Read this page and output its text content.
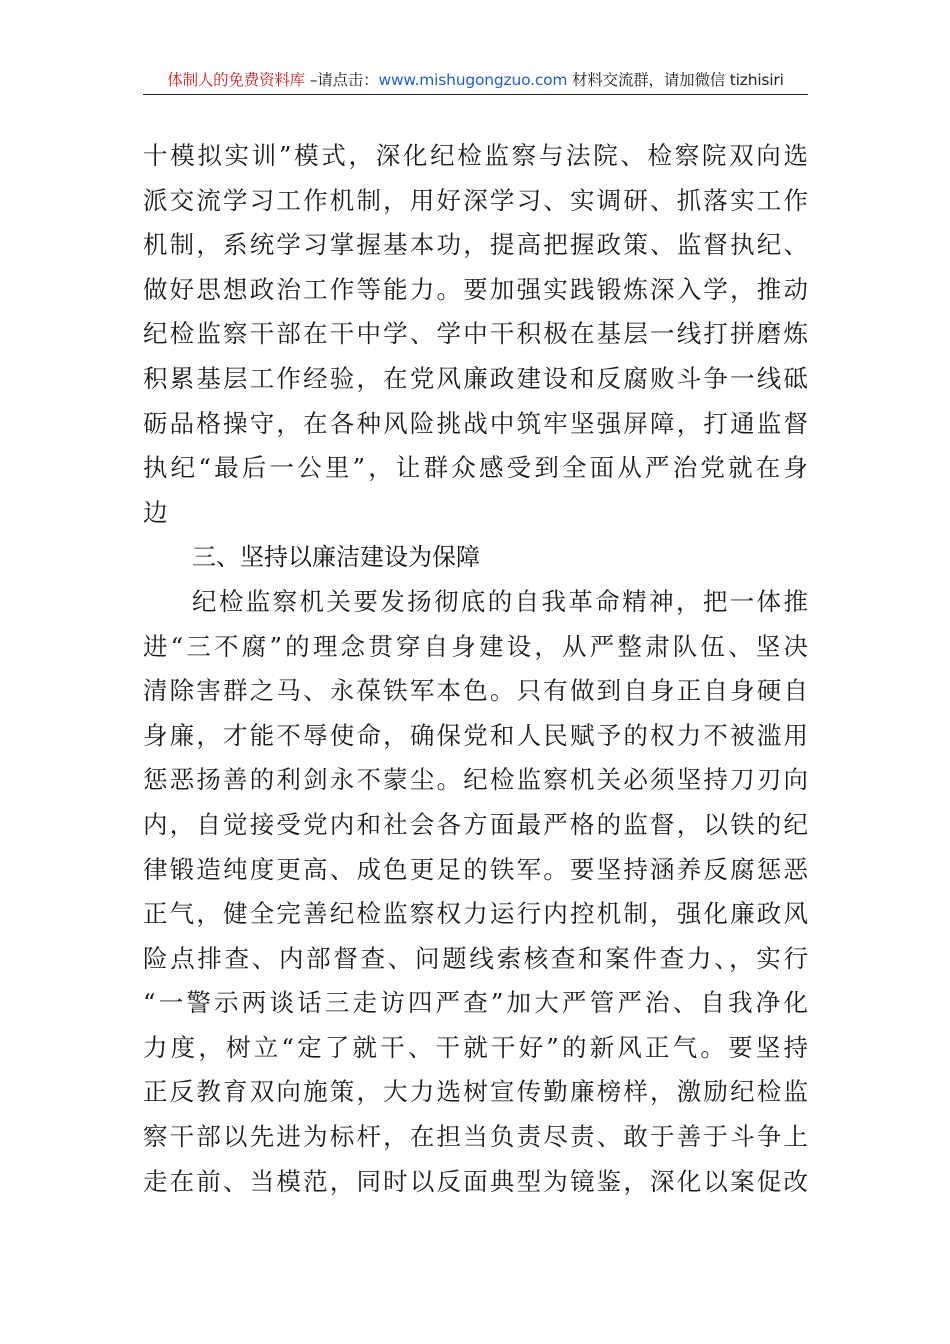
体制人的免费资料库 –请点击：www.mishugongzuo.com 材料交流群，请加微信 tizhisiri
十模拟实训”模式，深化纪检监察与法院、检察院双向选
派交流学习工作机制，用好深学习、实调研、抓落实工作
机制，系统学习掌握基本功，提高把握政策、监督执纪、
做好思想政治工作等能力。要加强实践锻炼深入学，推动
纪检监察干部在干中学、学中干积极在基层一线打拼磨炼
积累基层工作经验，在党风廉政建设和反腐败斗争一线砥
砺品格操守，在各种风险挑战中筑牢坚强屏障，打通监督
执纪“最后一公里”，让群众感受到全面从严治党就在身
边
三、坚持以廉洁建设为保障
纪检监察机关要发扬彻底的自我革命精神，把一体推
进“三不腐”的理念贯穿自身建设，从严整肃队伍、坚决
清除害群之马、永葆铁军本色。只有做到自身正自身硬自
身廉，才能不辱使命，确保党和人民赋予的权力不被滥用
惩恶扬善的利剑永不蒙尘。纪检监察机关必须坚持刀刃向
内，自觉接受党内和社会各方面最严格的监督，以铁的纪
律锻造纯度更高、成色更足的铁军。要坚持涵养反腐惩恶
正气，健全完善纪检监察权力运行内控机制，强化廉政风
险点排查、内部督查、问题线索核查和案件查力、，实行
“一警示两谈话三走访四严查”加大严管严治、自我净化
力度，树立“定了就干、干就干好”的新风正气。要坚持
正反教育双向施策，大力选树宣传勤廉榜样，激励纪检监
察干部以先进为标杆，在担当负责尽责、敢于善于斗争上
走在前、当模范，同时以反面典型为镜鉴，深化以案促改
